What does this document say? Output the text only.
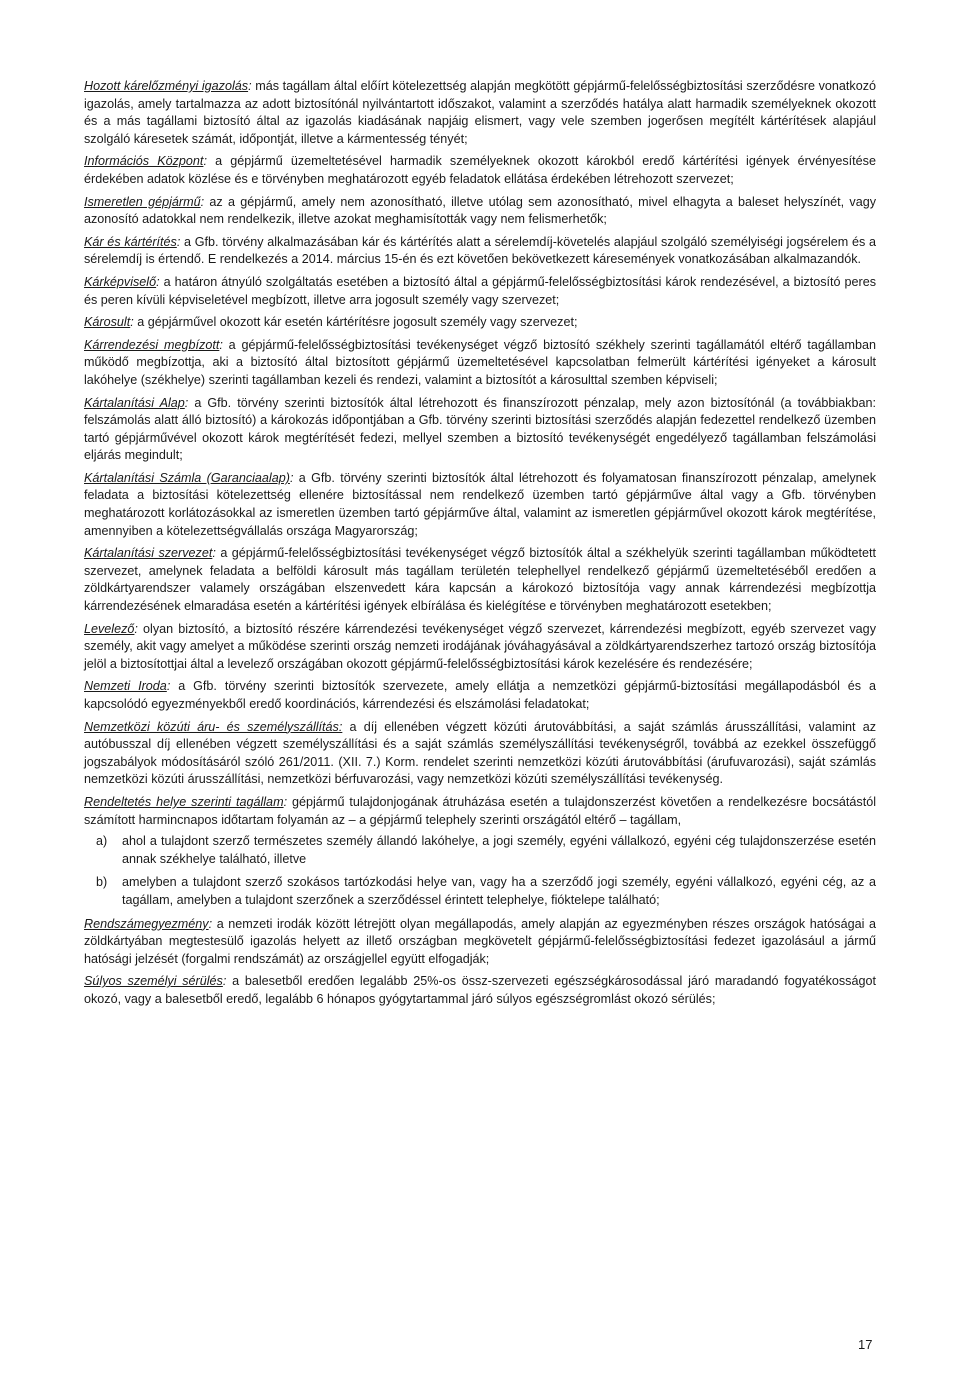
Hozott kárelőzményi igazolás: más tagállam által előírt kötelezettség alapján megkötött gépjármű-felelősségbiztosítási szerződésre vonatkozó igazolás, amely tartalmazza az adott biztosítónál nyilvántartott időszakot, valamint a szerződés hatálya alatt harmadik személyeknek okozott és a más tagállami biztosító által az igazolás kiadásának napjáig elismert, vagy vele szemben jogerősen megítélt kártérítések alapjául szolgáló káresetek számát, időpontját, illetve a kármentesség tényét;

Információs Központ: a gépjármű üzemeltetésével harmadik személyeknek okozott károkból eredő kártérítési igények érvényesítése érdekében adatok közlése és e törvényben meghatározott egyéb feladatok ellátása érdekében létrehozott szervezet;

Ismeretlen gépjármű: az a gépjármű, amely nem azonosítható, illetve utólag sem azonosítható, mivel elhagyta a baleset helyszínét, vagy azonosító adatokkal nem rendelkezik, illetve azokat meghamisították vagy nem felismerhetők;

Kár és kártérítés: a Gfb. törvény alkalmazásában kár és kártérítés alatt a sérelemdíj-követelés alapjául szolgáló személyiségi jogsérelem és a sérelemdíj is értendő. E rendelkezés a 2014. március 15-én és ezt követően bekövetkezett káresemények vonatkozásában alkalmazandók.

Kárképviselő: a határon átnyúló szolgáltatás esetében a biztosító által a gépjármű-felelősségbiztosítási károk rendezésével, a biztosító peres és peren kívüli képviseletével megbízott, illetve arra jogosult személy vagy szervezet;

Károsult: a gépjárművel okozott kár esetén kártérítésre jogosult személy vagy szervezet;

Kárrendezési megbízott: a gépjármű-felelősségbiztosítási tevékenységet végző biztosító székhely szerinti tagállamától eltérő tagállamban működő megbízottja, aki a biztosító által biztosított gépjármű üzemeltetésével kapcsolatban felmerült kártérítési igényeket a károsult lakóhelye (székhelye) szerinti tagállamban kezeli és rendezi, valamint a biztosítót a károsulttal szemben képviseli;

Kártalanítási Alap: a Gfb. törvény szerinti biztosítók által létrehozott és finanszírozott pénzalap, mely azon biztosítónál (a továbbiakban: felszámolás alatt álló biztosító) a károkozás időpontjában a Gfb. törvény szerinti biztosítási szerződés alapján fedezettel rendelkező üzemben tartó gépjárművével okozott károk megtérítését fedezi, mellyel szemben a biztosító tevékenységét engedélyező tagállamban felszámolási eljárás megindult;

Kártalanítási Számla (Garanciaalap): a Gfb. törvény szerinti biztosítók által létrehozott és folyamatosan finanszírozott pénzalap, amelynek feladata a biztosítási kötelezettség ellenére biztosítással nem rendelkező üzemben tartó gépjárműve által vagy a Gfb. törvényben meghatározott korlátozásokkal az ismeretlen üzemben tartó gépjárműve által, valamint az ismeretlen gépjárművel okozott károk megtérítése, amennyiben a kötelezettségvállalás országa Magyarország;

Kártalanítási szervezet: a gépjármű-felelősségbiztosítási tevékenységet végző biztosítók által a székhelyük szerinti tagállamban működtetett szervezet, amelynek feladata a belföldi károsult más tagállam területén telephellyel rendelkező gépjármű üzemeltetéséből eredően a zöldkártyarendszer valamely országában elszenvedett kára kapcsán a károkozó biztosítója vagy annak kárrendezési megbízottja kárrendezésének elmaradása esetén a kártérítési igények elbírálása és kielégítése e törvényben meghatározott esetekben;

Levelező: olyan biztosító, a biztosító részére kárrendezési tevékenységet végző szervezet, kárrendezési megbízott, egyéb szervezet vagy személy, akit vagy amelyet a működése szerinti ország nemzeti irodájának jóváhagyásával a zöldkártyarendszerhez tartozó ország biztosítója jelöl a biztosítottjai által a levelező országában okozott gépjármű-felelősségbiztosítási károk kezelésére és rendezésére;

Nemzeti Iroda: a Gfb. törvény szerinti biztosítók szervezete, amely ellátja a nemzetközi gépjármű-biztosítási megállapodásból és a kapcsolódó egyezményekből eredő koordinációs, kárrendezési és elszámolási feladatokat;

Nemzetközi közúti áru- és személyszállítás: a díj ellenében végzett közúti árutovábbítási, a saját számlás árusszállítási, valamint az autóbusszal díj ellenében végzett személyszállítási és a saját számlás személyszállítási tevékenységről, továbbá az ezekkel összefüggő jogszabályok módosításáról szóló 261/2011. (XII. 7.) Korm. rendelet szerinti nemzetközi közúti árutovábbítási (árufuvarozási), saját számlás nemzetközi közúti árusszállítási, nemzetközi bérfuvarozási, vagy nemzetközi közúti személyszállítási tevékenység.

Rendeltetés helye szerinti tagállam: gépjármű tulajdonjogának átruházása esetén a tulajdonszerzést követően a rendelkezésre bocsátástól számított harmincnapos időtartam folyamán az – a gépjármű telephely szerinti országától eltérő – tagállam,

a) ahol a tulajdont szerző természetes személy állandó lakóhelye, a jogi személy, egyéni vállalkozó, egyéni cég tulajdonszerzése esetén annak székhelye található, illetve
b) amelyben a tulajdont szerző szokásos tartózkodási helye van, vagy ha a szerződő jogi személy, egyéni vállalkozó, egyéni cég, az a tagállam, amelyben a tulajdont szerzőnek a szerződéssel érintett telephelye, fióktelepe található;

Rendszámegyezmény: a nemzeti irodák között létrejött olyan megállapodás, amely alapján az egyezményben részes országok hatóságai a zöldkártyában megtestesülő igazolás helyett az illető országban megkövetelt gépjármű-felelősségbiztosítási fedezet igazolásául a jármű hatósági jelzését (forgalmi rendszámát) az országjellel együtt elfogadják;

Súlyos személyi sérülés: a balesetből eredően legalább 25%-os össz-szervezeti egészségkárosodással járó maradandó fogyatékosságot okozó, vagy a balesetből eredő, legalább 6 hónapos gyógytartammal járó súlyos egészségromlást okozó sérülés;

17
